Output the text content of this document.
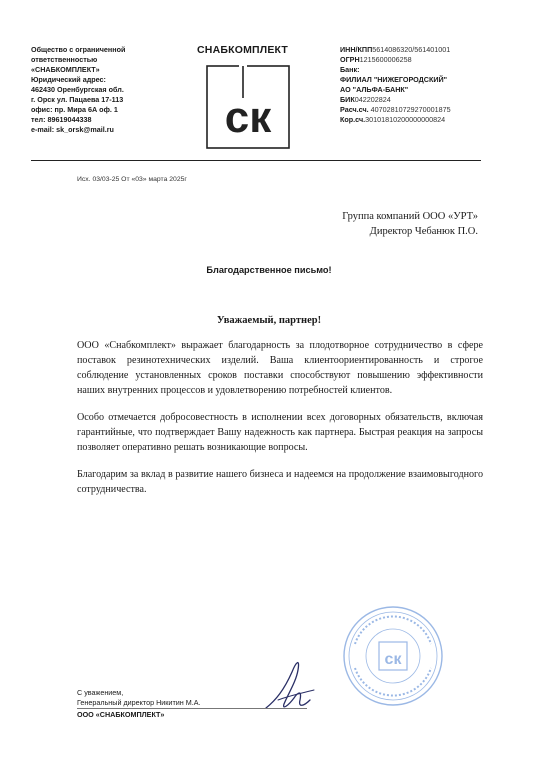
Общество с ограниченной
ответственностью
«СНАБКОМПЛЕКТ»
Юридический адрес:
462430 Оренбургская обл.
г. Орск ул. Пацаева 17-113
офис: пр. Мира 6А оф. 1
тел: 89619044338
e-mail: sk_orsk@mail.ru
СНАБКОМПЛЕКТ
ск
ИНН/КПП5614086320/561401001
ОГРН1215600006258
Банк:
ФИЛИАЛ "НИЖЕГОРОДСКИЙ"
АО "АЛЬФА-БАНК"
БИК042202824
Расч.сч. 40702810729270001875
Кор.сч.30101810200000000824
Исх. 03/03-25 От «03» марта 2025г
Группа компаний ООО «УРТ»
Директор Чебанюк П.О.
Благодарственное письмо!
Уважаемый, партнер!

ООО «Снабкомплект» выражает благодарность за плодотворное сотрудничество в сфере поставок резинотехнических изделий. Ваша клиентоориентированность и строгое соблюдение установленных сроков поставки способствуют повышению эффективности наших внутренних процессов и удовлетворению потребностей клиентов.

Особо отмечается добросовестность в исполнении всех договорных обязательств, включая гарантийные, что подтверждает Вашу надежность как партнера. Быстрая реакция на запросы позволяет оперативно решать возникающие вопросы.

Благодарим за вклад в развитие нашего бизнеса и надеемся на продолжение взаимовыгодного сотрудничества.

ск
С уважением,
Генеральный директор Никитин М.А.
ООО «СНАБКОМПЛЕКТ»
